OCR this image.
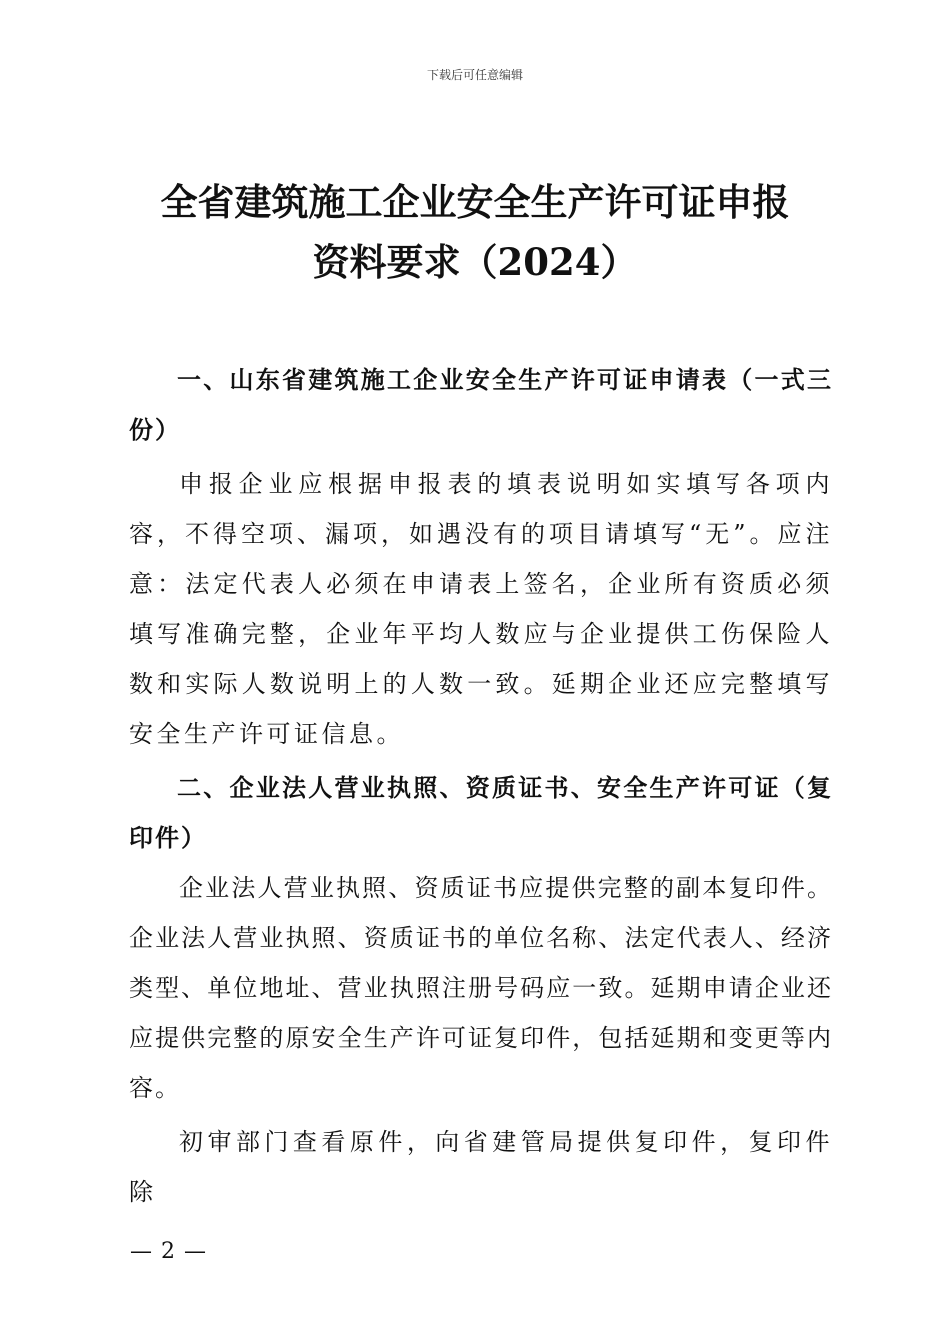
下载后可任意编辑
全省建筑施工企业安全生产许可证申报
资料要求（2024）
一、山东省建筑施工企业安全生产许可证申请表（一式三份）

申报企业应根据申报表的填表说明如实填写各项内容，不得空项、漏项，如遇没有的项目请填写“无”。应注意：法定代表人必须在申请表上签名，企业所有资质必须填写准确完整，企业年平均人数应与企业提供工伤保险人数和实际人数说明上的人数一致。延期企业还应完整填写安全生产许可证信息。

二、企业法人营业执照、资质证书、安全生产许可证（复印件）

企业法人营业执照、资质证书应提供完整的副本复印件。企业法人营业执照、资质证书的单位名称、法定代表人、经济类型、单位地址、营业执照注册号码应一致。延期申请企业还应提供完整的原安全生产许可证复印件，包括延期和变更等内容。

初审部门查看原件，向省建管局提供复印件，复印件除

— 2 —
